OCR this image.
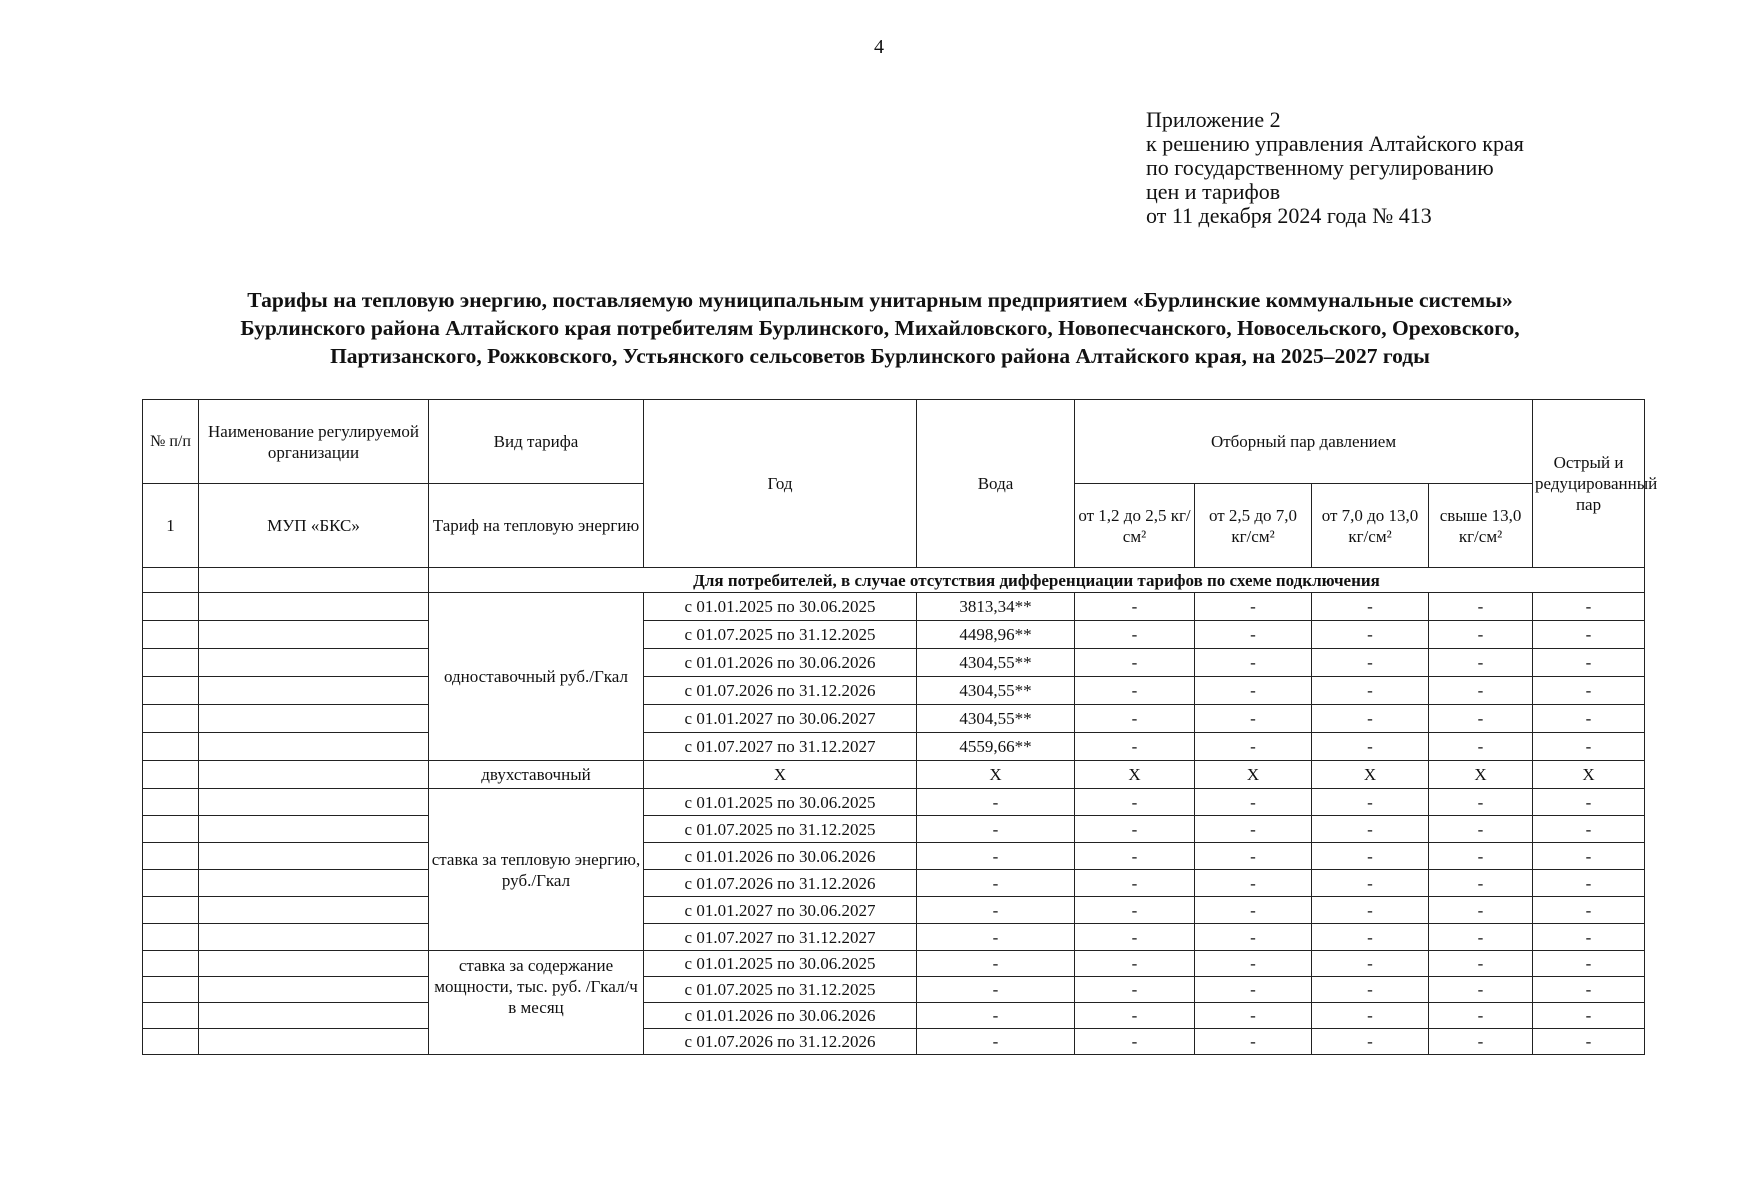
4
Приложение 2
к решению управления Алтайского края
по государственному регулированию
цен и тарифов
от 11 декабря 2024 года № 413
Тарифы на тепловую энергию, поставляемую муниципальным унитарным предприятием «Бурлинские коммунальные системы»
Бурлинского района Алтайского края потребителям Бурлинского, Михайловского, Новопесчанского, Новосельского, Ореховского,
Партизанского, Рожковского, Устьянского сельсоветов Бурлинского района Алтайского края, на 2025–2027 годы
№ п/п	Наименование регулируемой организации	Вид тарифа	Год	Вода	Отборный пар давлением				Острый и редуцированный пар
1	МУП «БКС»	Тариф на тепловую энергию			от 1,2 до 2,5 кг/см²	от 2,5 до 7,0 кг/см²	от 7,0 до 13,0 кг/см²	свыше 13,0 кг/см²	
		Для потребителей, в случае отсутствия дифференциации тарифов по схеме подключения							
		одноставочный руб./Гкал	с 01.01.2025 по 30.06.2025	3813,34**	-	-	-	-	-
			с 01.07.2025 по 31.12.2025	4498,96**	-	-	-	-	-
			с 01.01.2026 по 30.06.2026	4304,55**	-	-	-	-	-
			с 01.07.2026 по 31.12.2026	4304,55**	-	-	-	-	-
			с 01.01.2027 по 30.06.2027	4304,55**	-	-	-	-	-
			с 01.07.2027 по 31.12.2027	4559,66**	-	-	-	-	-
		двухставочный	X	X	X	X	X	X	X
		ставка за тепловую энергию, руб./Гкал	с 01.01.2025 по 30.06.2025	-	-	-	-	-	-
			с 01.07.2025 по 31.12.2025	-	-	-	-	-	-
			с 01.01.2026 по 30.06.2026	-	-	-	-	-	-
			с 01.07.2026 по 31.12.2026	-	-	-	-	-	-
			с 01.01.2027 по 30.06.2027	-	-	-	-	-	-
			с 01.07.2027 по 31.12.2027	-	-	-	-	-	-
		ставка за содержание мощности, тыс. руб. /Гкал/ч в месяц	с 01.01.2025 по 30.06.2025	-	-	-	-	-	-
			с 01.07.2025 по 31.12.2025	-	-	-	-	-	-
			с 01.01.2026 по 30.06.2026	-	-	-	-	-	-
			с 01.07.2026 по 31.12.2026	-	-	-	-	-	-
